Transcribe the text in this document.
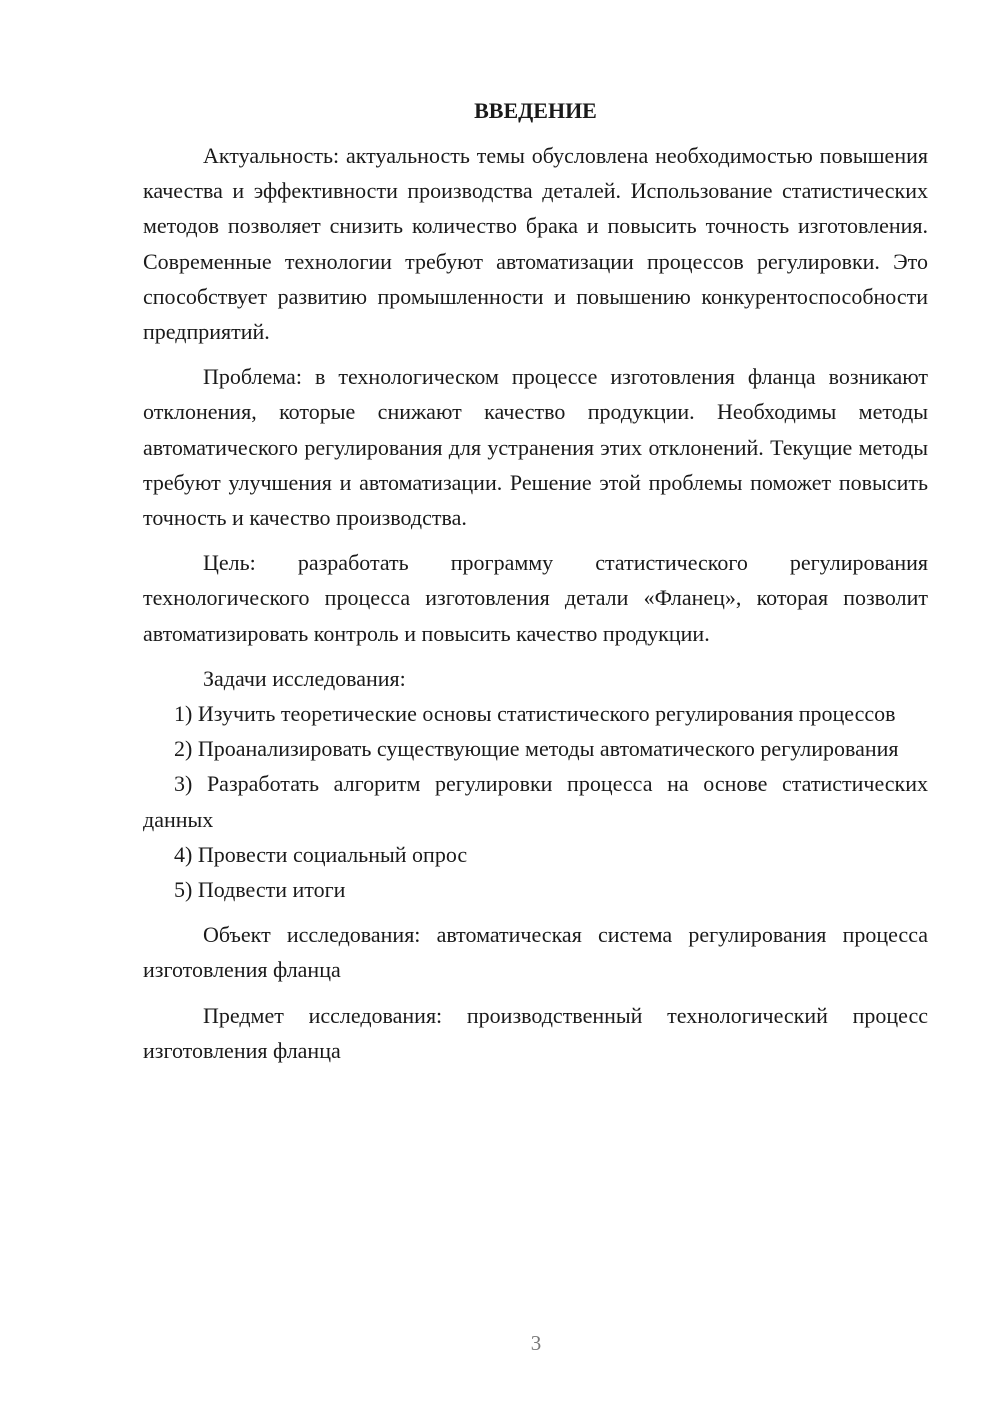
ВВЕДЕНИЕ

Актуальность: актуальность темы обусловлена необходимостью повышения качества и эффективности производства деталей. Использование статистических методов позволяет снизить количество брака и повысить точность изготовления. Современные технологии требуют автоматизации процессов регулировки. Это способствует развитию промышленности и повышению конкурентоспособности предприятий.

Проблема: в технологическом процессе изготовления фланца возникают отклонения, которые снижают качество продукции. Необходимы методы автоматического регулирования для устранения этих отклонений. Текущие методы требуют улучшения и автоматизации. Решение этой проблемы поможет повысить точность и качество производства.

Цель: разработать программу статистического регулирования технологического процесса изготовления детали «Фланец», которая позволит автоматизировать контроль и повысить качество продукции.

Задачи исследования:

1) Изучить теоретические основы статистического регулирования процессов

2) Проанализировать существующие методы автоматического регулирования

3) Разработать алгоритм регулировки процесса на основе статистических данных

4) Провести социальный опрос

5) Подвести итоги

Объект исследования: автоматическая система регулирования процесса изготовления фланца

Предмет исследования: производственный технологический процесс изготовления фланца

3
